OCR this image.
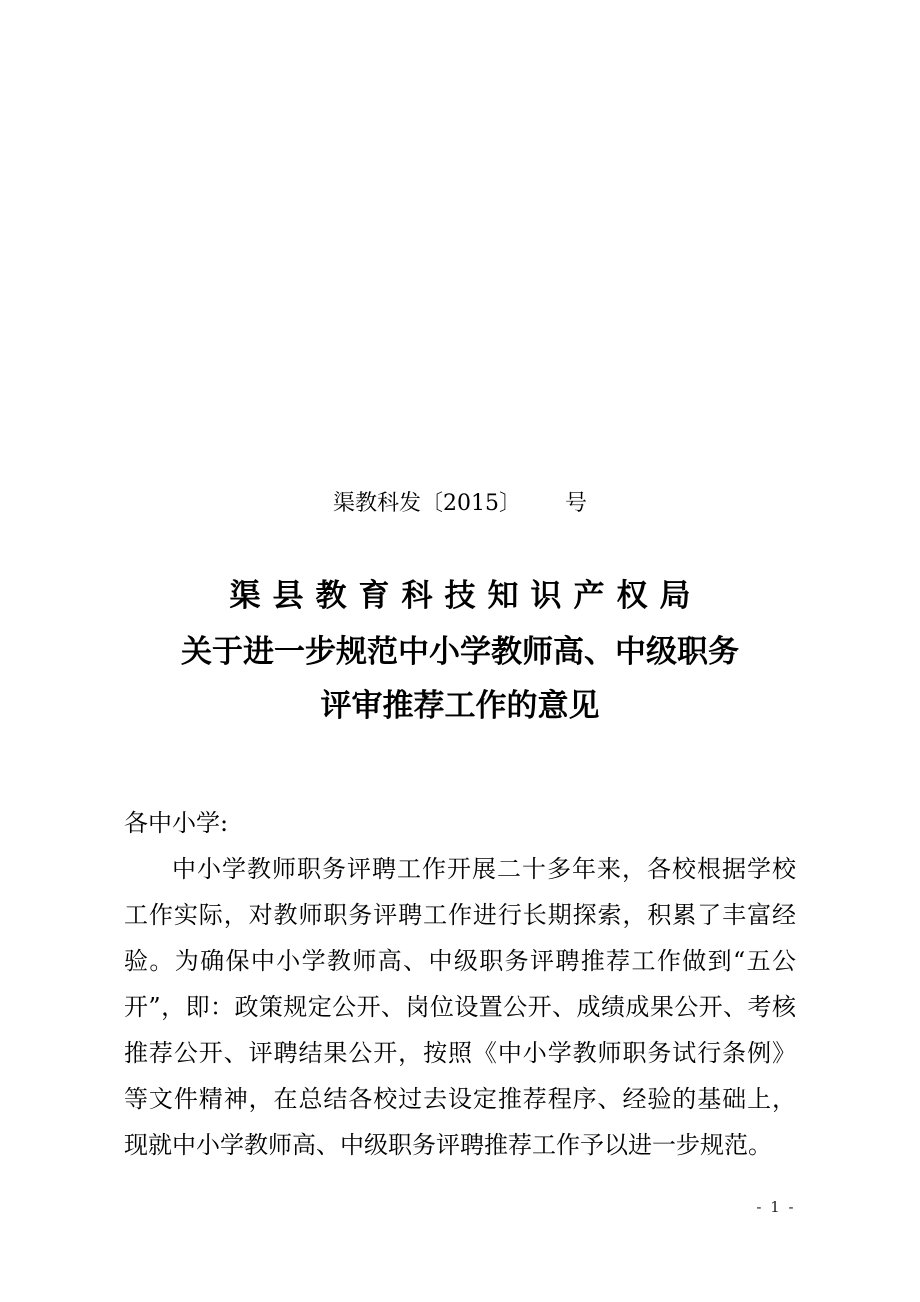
渠教科发〔2015〕 号
渠县教育科技知识产权局
关于进一步规范中小学教师高、中级职务
评审推荐工作的意见
各中小学:
中小学教师职务评聘工作开展二十多年来，各校根据学校
工作实际，对教师职务评聘工作进行长期探索，积累了丰富经
验。为确保中小学教师高、中级职务评聘推荐工作做到“五公
开”，即：政策规定公开、岗位设置公开、成绩成果公开、考核
推荐公开、评聘结果公开，按照《中小学教师职务试行条例》
等文件精神，在总结各校过去设定推荐程序、经验的基础上，
现就中小学教师高、中级职务评聘推荐工作予以进一步规范。
- 1 -
